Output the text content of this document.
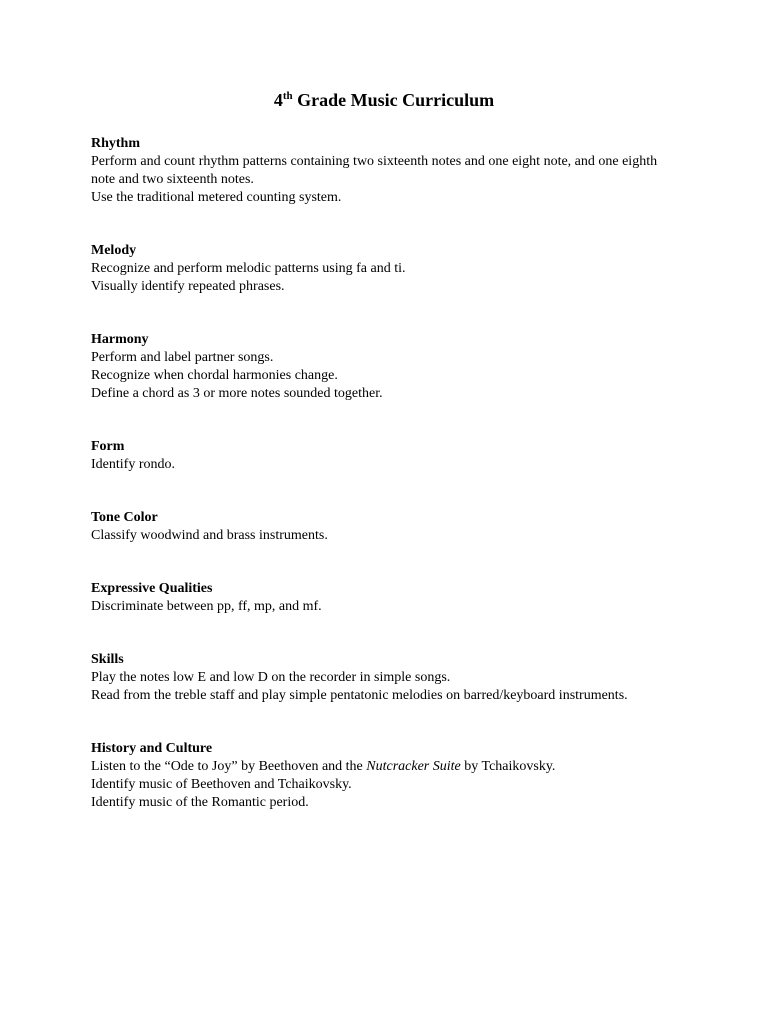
4th Grade Music Curriculum
Rhythm
Perform and count rhythm patterns containing two sixteenth notes and one eight note, and one eighth note and two sixteenth notes.
Use the traditional metered counting system.
Melody
Recognize and perform melodic patterns using fa and ti.
Visually identify repeated phrases.
Harmony
Perform and label partner songs.
Recognize when chordal harmonies change.
Define a chord as 3 or more notes sounded together.
Form
Identify rondo.
Tone Color
Classify woodwind and brass instruments.
Expressive Qualities
Discriminate between pp, ff, mp, and mf.
Skills
Play the notes low E and low D on the recorder in simple songs.
Read from the treble staff and play simple pentatonic melodies on barred/keyboard instruments.
History and Culture
Listen to the “Ode to Joy” by Beethoven and the Nutcracker Suite by Tchaikovsky.
Identify music of Beethoven and Tchaikovsky.
Identify music of the Romantic period.
